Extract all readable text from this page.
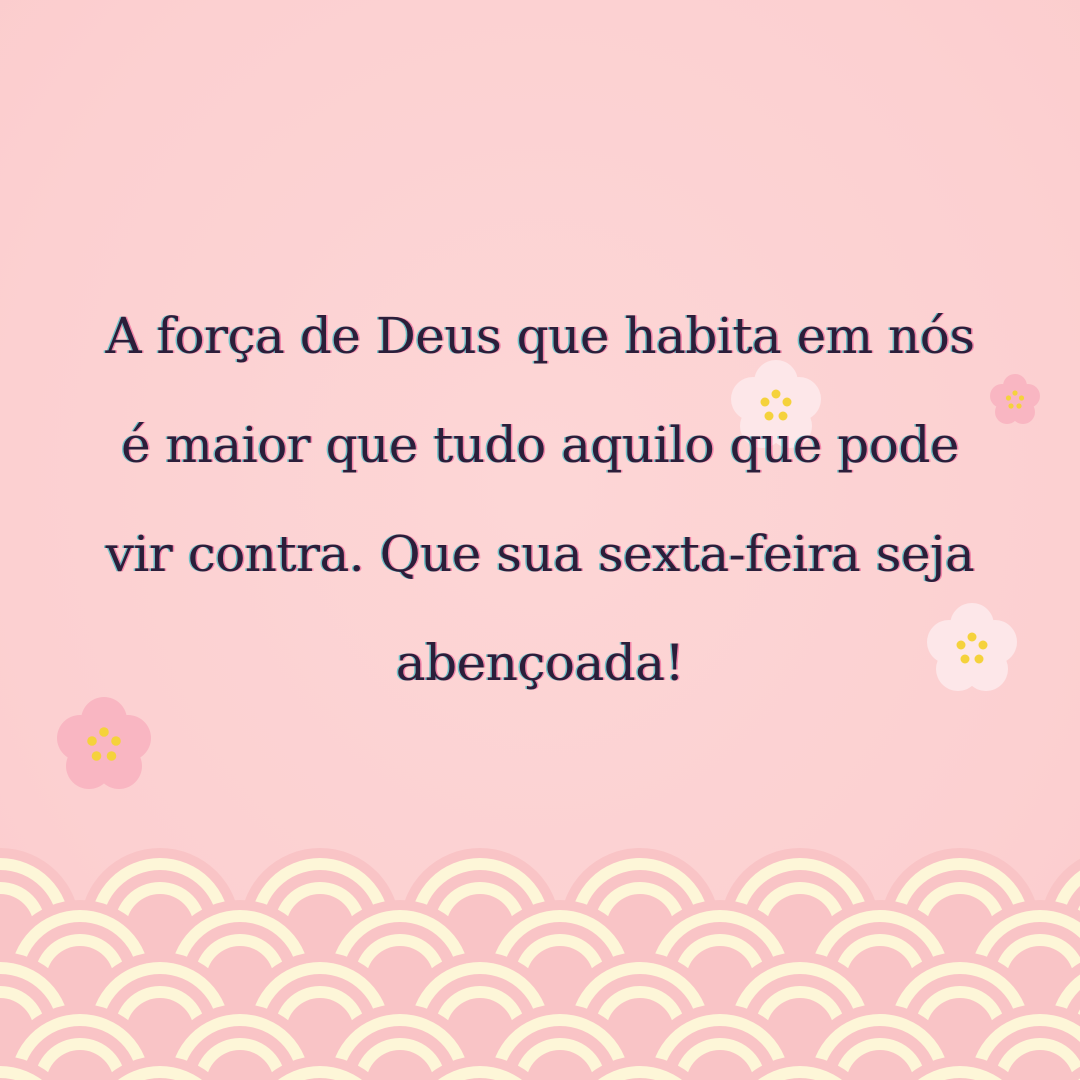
A força de Deus que habita em nós
é maior que tudo aquilo que pode
vir contra. Que sua sexta-feira seja
abençoada!
